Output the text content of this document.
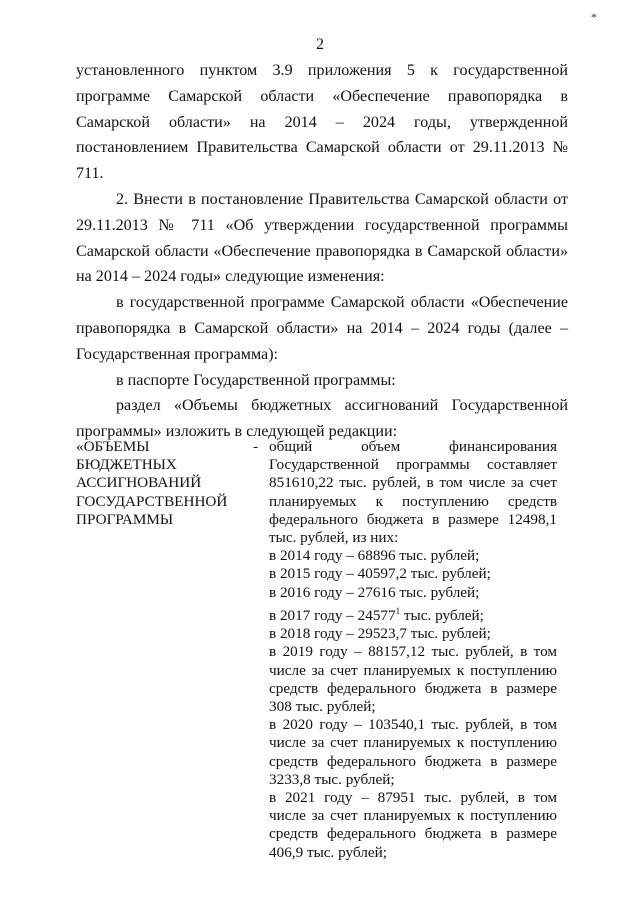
*
2

установленного пунктом 3.9 приложения 5 к государственной программе Самарской области «Обеспечение правопорядка в Самарской области» на 2014 – 2024 годы, утвержденной постановлением Правительства Самарской области от 29.11.2013 № 711.

2. Внести в постановление Правительства Самарской области от 29.11.2013 № 711 «Об утверждении государственной программы Самарской области «Обеспечение правопорядка в Самарской области» на 2014 – 2024 годы» следующие изменения:

в государственной программе Самарской области «Обеспечение правопорядка в Самарской области» на 2014 – 2024 годы (далее – Государственная программа):

в паспорте Государственной программы:

раздел «Объемы бюджетных ассигнований Государственной программы» изложить в следующей редакции:

«ОБЪЕМЫ
БЮДЖЕТНЫХ
АССИГНОВАНИЙ
ГОСУДАРСТВЕННОЙ
ПРОГРАММЫ
- общий объем финансирования Государственной программы составляет 851610,22 тыс. рублей, в том числе за счет планируемых к поступлению средств федерального бюджета в размере 12498,1 тыс. рублей, из них:

в 2014 году – 68896 тыс. рублей;

в 2015 году – 40597,2 тыс. рублей;

в 2016 году – 27616 тыс. рублей;

в 2017 году – 24577$^1$ тыс. рублей;

в 2018 году – 29523,7 тыс. рублей;

в 2019 году – 88157,12 тыс. рублей, в том числе за счет планируемых к поступлению средств федерального бюджета в размере 308 тыс. рублей;

в 2020 году – 103540,1 тыс. рублей, в том числе за счет планируемых к поступлению средств федерального бюджета в размере 3233,8 тыс. рублей;

в 2021 году – 87951 тыс. рублей, в том числе за счет планируемых к поступлению средств федерального бюджета в размере 406,9 тыс. рублей;
